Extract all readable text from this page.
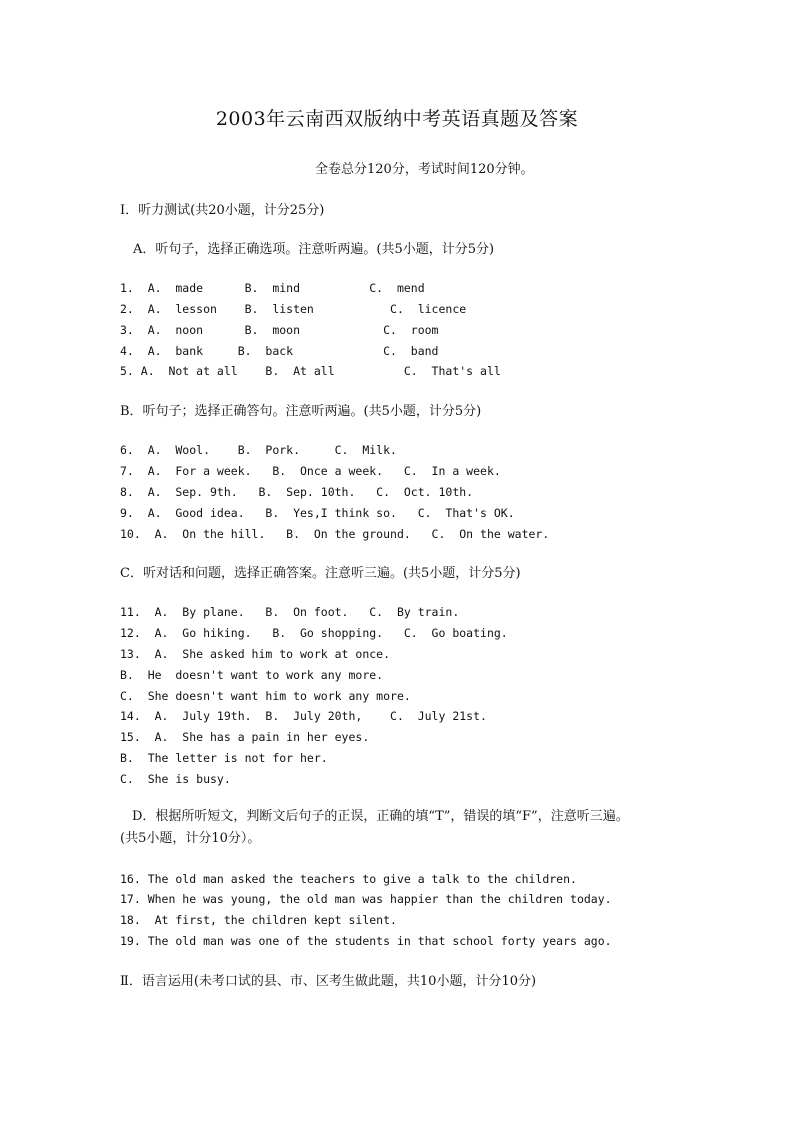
2003年云南西双版纳中考英语真题及答案
全卷总分120分，考试时间120分钟。
I．听力测试(共20小题，计分25分)
A．听句子，选择正确选项。注意听两遍。(共5小题，计分5分)
1.  A.  made      B.  mind          C.  mend
2.  A.  lesson    B.  listen           C.  licence
3.  A.  noon      B.  moon            C.  room
4.  A.  bank     B.  back             C.  band
5. A.  Not at all    B.  At all          C.  That's all
B．听句子；选择正确答句。注意听两遍。(共5小题，计分5分)
6.  A.  Wool.    B.  Pork.     C.  Milk.
7.  A.  For a week.   B.  Once a week.   C.  In a week.
8.  A.  Sep. 9th.   B.  Sep. 10th.   C.  Oct. 10th.
9.  A.  Good idea.   B.  Yes,I think so.   C.  That's OK.
10.  A.  On the hill.   B.  On the ground.   C.  On the water.
C．听对话和问题，选择正确答案。注意听三遍。(共5小题，计分5分)
11.  A.  By plane.   B.  On foot.   C.  By train.
12.  A.  Go hiking.   B.  Go shopping.   C.  Go boating.
13.  A.  She asked him to work at once.
B.  He  doesn't want to work any more.
C.  She doesn't want him to work any more.
14.  A.  July 19th.  B.  July 20th,    C.  July 21st.
15.  A.  She has a pain in her eyes.
B.  The letter is not for her.
C.  She is busy.
D．根据所听短文，判断文后句子的正误，正确的填“T”，错误的填“F”，注意听三遍。
(共5小题，计分10分）。
16. The old man asked the teachers to give a talk to the children.
17. When he was young, the old man was happier than the children today.
18.  At first, the children kept silent.
19. The old man was one of the students in that school forty years ago.
Ⅱ．语言运用(未考口试的县、市、区考生做此题，共10小题，计分10分)
